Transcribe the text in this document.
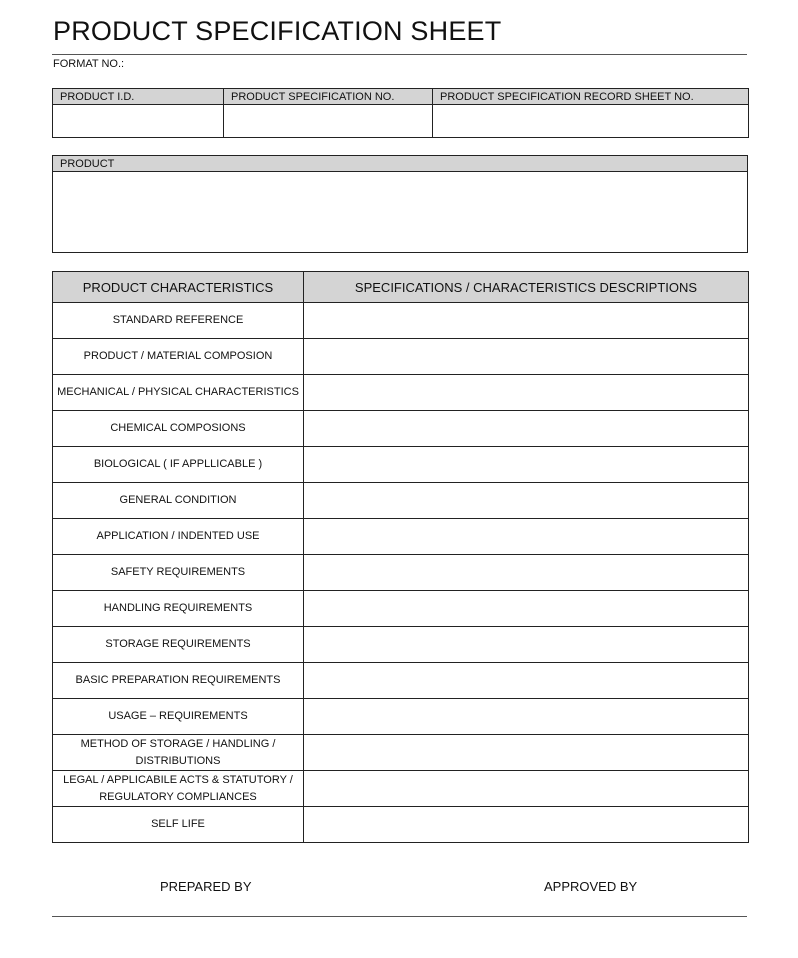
PRODUCT SPECIFICATION SHEET
FORMAT NO.:
PRODUCT I.D.	PRODUCT SPECIFICATION NO.	PRODUCT SPECIFICATION RECORD SHEET NO.

PRODUCT

PRODUCT CHARACTERISTICS	SPECIFICATIONS / CHARACTERISTICS DESCRIPTIONS
STANDARD REFERENCE	
PRODUCT / MATERIAL COMPOSION	
MECHANICAL / PHYSICAL CHARACTERISTICS	
CHEMICAL COMPOSIONS	
BIOLOGICAL ( IF APPLLICABLE )	
GENERAL CONDITION	
APPLICATION / INDENTED USE	
SAFETY REQUIREMENTS	
HANDLING REQUIREMENTS	
STORAGE REQUIREMENTS	
BASIC PREPARATION REQUIREMENTS	
USAGE – REQUIREMENTS	
METHOD OF STORAGE / HANDLING / DISTRIBUTIONS	
LEGAL / APPLICABILE ACTS & STATUTORY / REGULATORY COMPLIANCES	
SELF LIFE	
PREPARED BY	APPROVED BY
